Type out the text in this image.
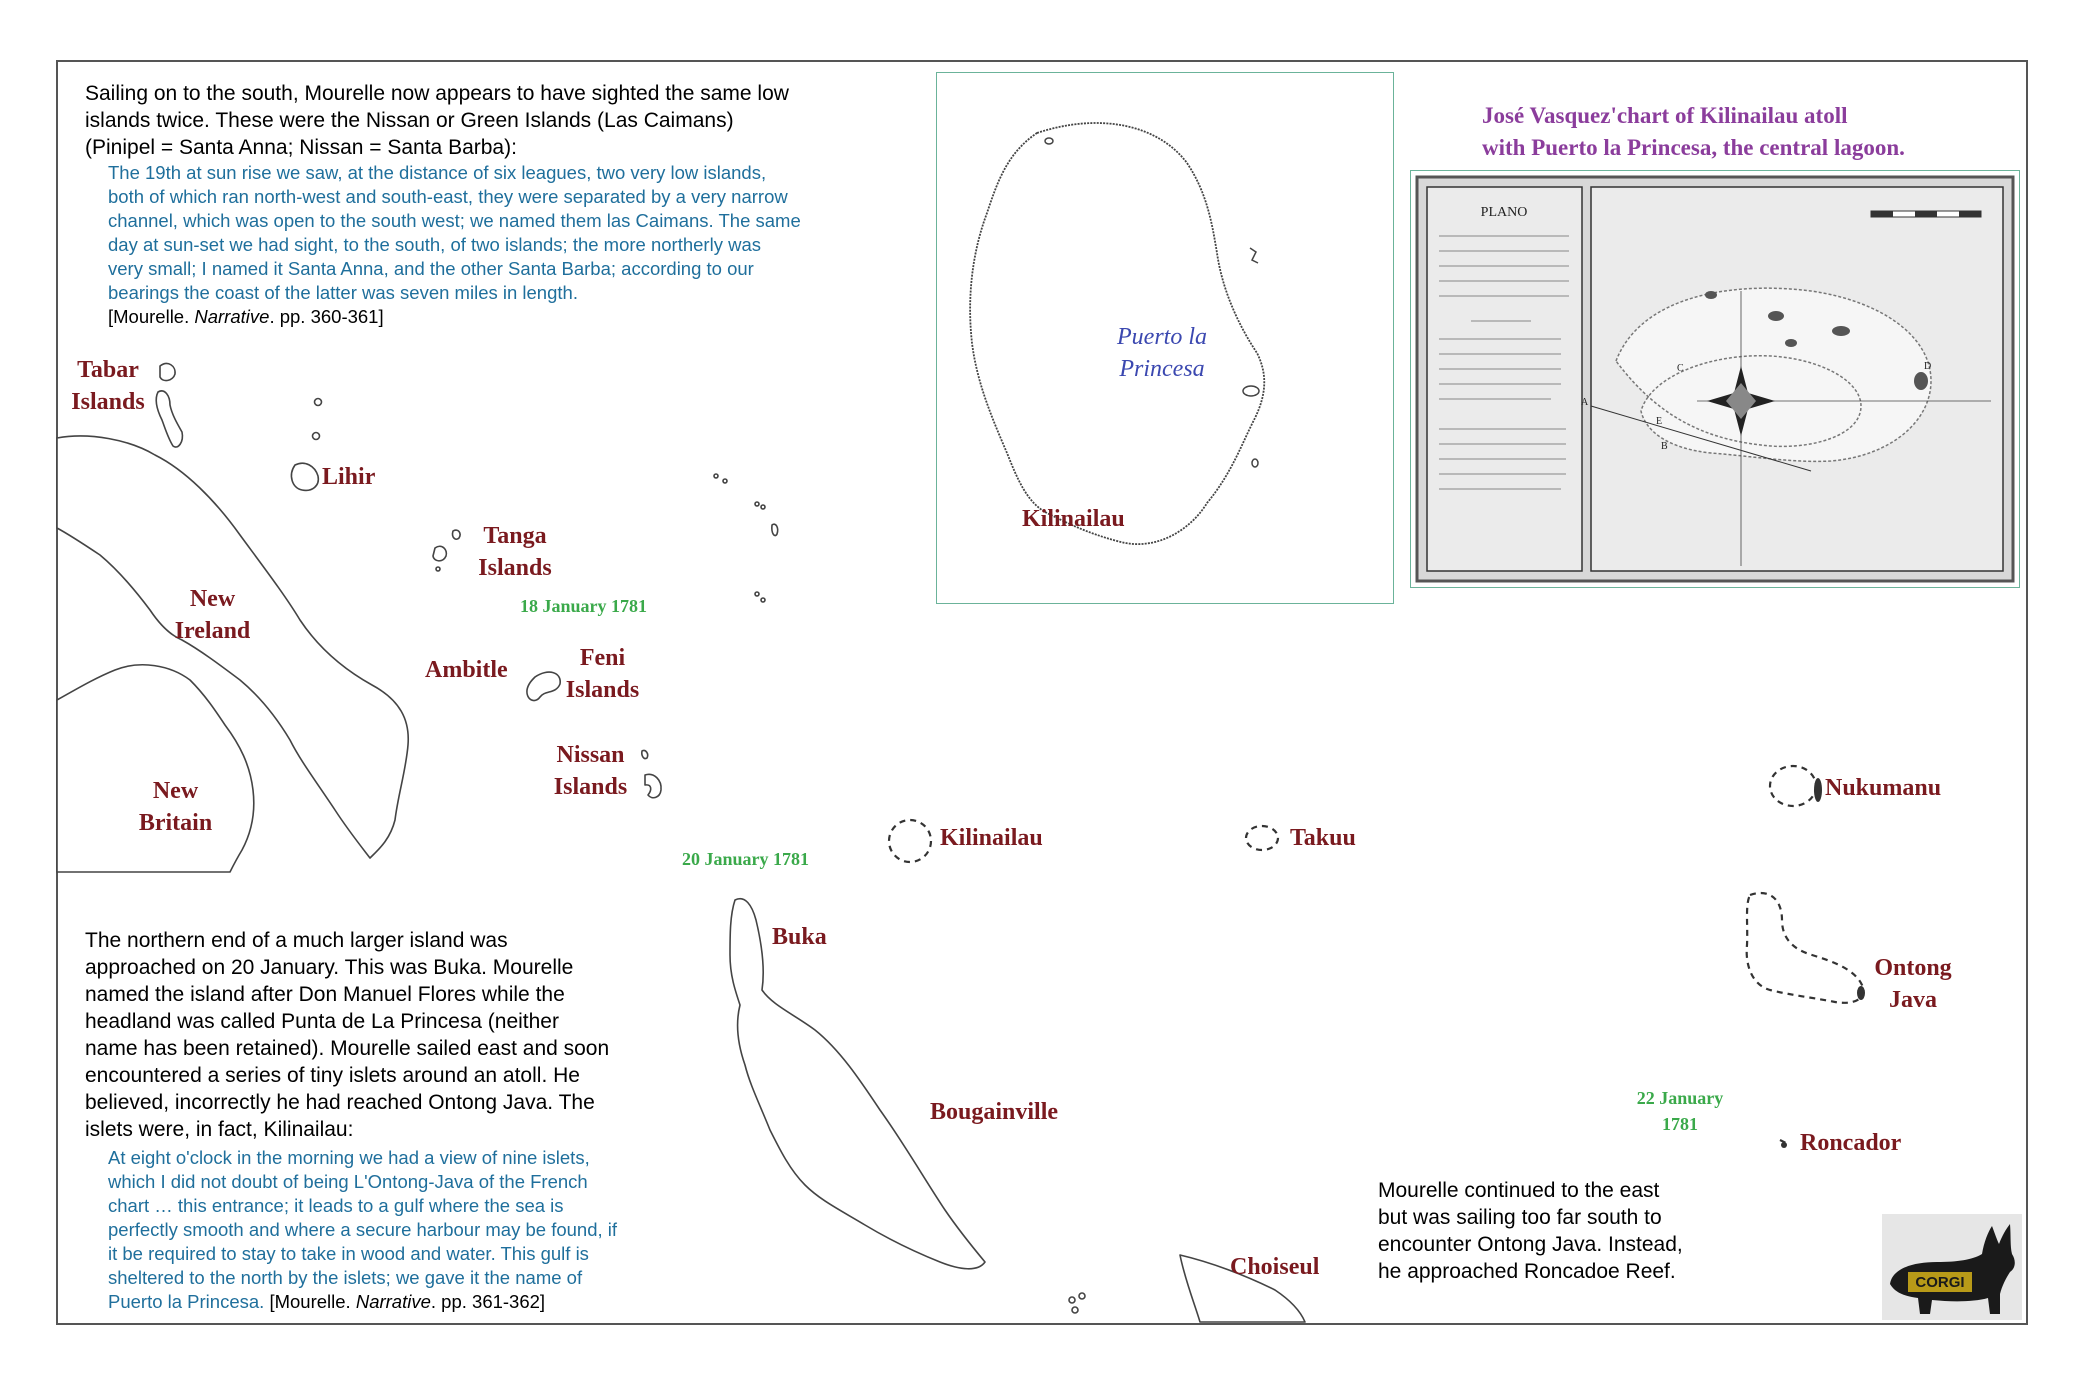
Sailing on to the south, Mourelle now appears to have sighted the same low
islands twice. These were the Nissan or Green Islands (Las Caimans)
(Pinipel = Santa Anna; Nissan = Santa Barba):
The 19th at sun rise we saw, at the distance of six leagues, two very low islands,
both of which ran north-west and south-east, they were separated by a very narrow
channel, which was open to the south west; we named them las Caimans. The same
day at sun-set we had sight, to the south, of two islands; the more northerly was
very small; I named it Santa Anna, and the other Santa Barba; according to our
bearings the coast of the latter was seven miles in length.
[Mourelle. Narrative. pp. 360-361]
The northern end of a much larger island was
approached on 20 January. This was Buka. Mourelle
named the island after Don Manuel Flores while the
headland was called Punta de La Princesa (neither
name has been retained). Mourelle sailed east and soon
encountered a series of tiny islets around an atoll. He
believed, incorrectly he had reached Ontong Java. The
islets were, in fact, Kilinailau:
At eight o'clock in the morning we had a view of nine islets,
which I did not doubt of being L'Ontong-Java of the French
chart … this entrance; it leads to a gulf where the sea is
perfectly smooth and where a secure harbour may be found, if
it be required to stay to take in wood and water. This gulf is
sheltered to the north by the islets; we gave it the name of
Puerto la Princesa. [Mourelle. Narrative. pp. 361-362]
Mourelle continued to the east
but was sailing too far south to
encounter Ontong Java. Instead,
he approached Roncadoe Reef.
Tabar
Islands
Lihir
Tanga
Islands
New
Ireland
Ambitle	Feni
Islands
Nissan
Islands
New
Britain
Kilinailau	Takuu
Nukumanu
Ontong
Java
Buka
Bougainville
Choiseul
Roncador
18 January 1781
20 January 1781
22 January
1781
Puerto la
Princesa
Kilinailau
José Vasquez'chart of Kilinailau atoll
with Puerto la Princesa, the central lagoon.
PLANO
A
B
C	D
E
CORGI
